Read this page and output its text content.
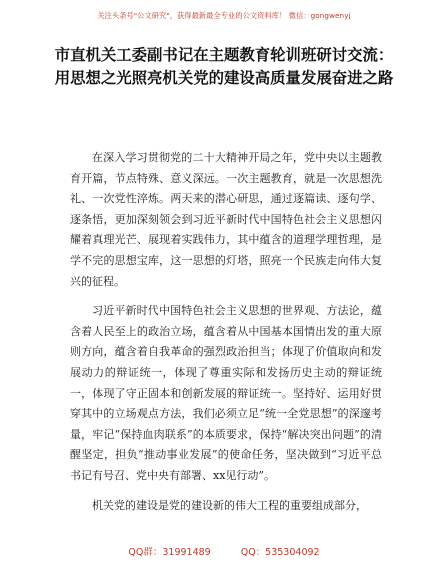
关注头条号"公文研究"，获得最新最全专业的公文资料库！ 微信：gongwenyj
市直机关工委副书记在主题教育轮训班研讨交流：用思想之光照亮机关党的建设高质量发展奋进之路

在深入学习贯彻党的二十大精神开局之年，党中央以主题教育开篇，节点特殊、意义深远。一次主题教育，就是一次思想洗礼、一次党性淬炼。两天来的潜心研思，通过逐篇读、逐句学、逐条悟，更加深刻领会到习近平新时代中国特色社会主义思想闪耀着真理光芒、展现着实践伟力，其中蕴含的道理学理哲理，是学不完的思想宝库，这一思想的灯塔，照亮一个民族走向伟大复兴的征程。

习近平新时代中国特色社会主义思想的世界观、方法论，蕴含着人民至上的政治立场，蕴含着从中国基本国情出发的重大原则方向，蕴含着自我革命的强烈政治担当；体现了价值取向和发展动力的辩证统一，体现了尊重实际和发扬历史主动的辩证统一，体现了守正固本和创新发展的辩证统一。坚持好、运用好贯穿其中的立场观点方法，我们必须立足“统一全党思想”的深邃考量，牢记“保持血肉联系”的本质要求，保持“解决突出问题”的清醒坚定，担负“推动事业发展”的使命任务，坚决做到“习近平总书记有号召、党中央有部署、xx见行动”。

机关党的建设是党的建设新的伟大工程的重要组成部分，

QQ群：31991489	QQ：535304092
